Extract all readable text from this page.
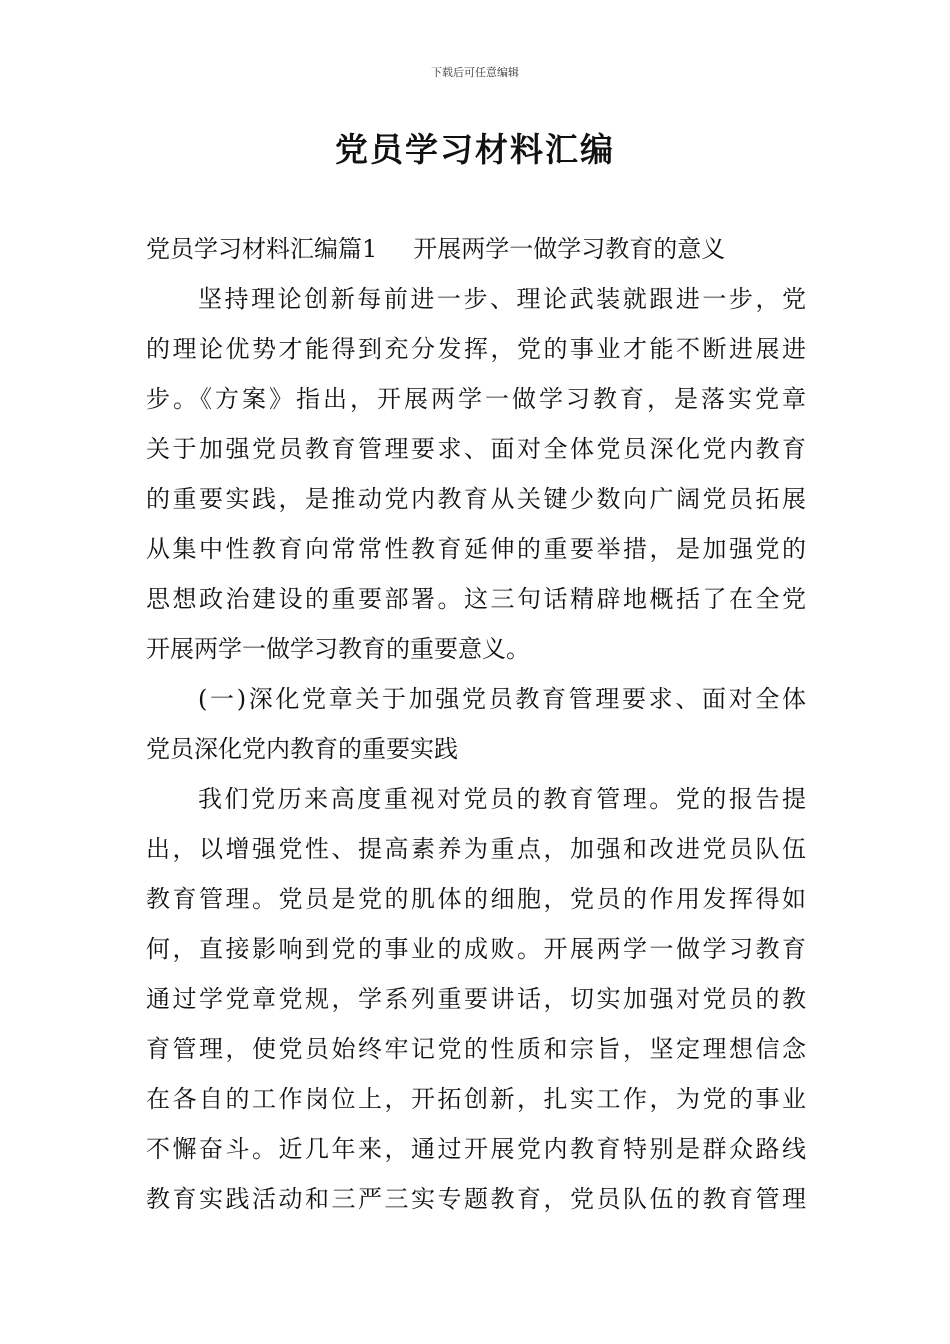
下载后可任意编辑
党员学习材料汇编
党员学习材料汇编篇1 开展两学一做学习教育的意义
坚持理论创新每前进一步、理论武装就跟进一步，党
的理论优势才能得到充分发挥，党的事业才能不断进展进
步。《方案》指出，开展两学一做学习教育，是落实党章
关于加强党员教育管理要求、面对全体党员深化党内教育
的重要实践，是推动党内教育从关键少数向广阔党员拓展
从集中性教育向常常性教育延伸的重要举措，是加强党的
思想政治建设的重要部署。这三句话精辟地概括了在全党
开展两学一做学习教育的重要意义。
(一)深化党章关于加强党员教育管理要求、面对全体
党员深化党内教育的重要实践
我们党历来高度重视对党员的教育管理。党的报告提
出，以增强党性、提高素养为重点，加强和改进党员队伍
教育管理。党员是党的肌体的细胞，党员的作用发挥得如
何，直接影响到党的事业的成败。开展两学一做学习教育
通过学党章党规，学系列重要讲话，切实加强对党员的教
育管理，使党员始终牢记党的性质和宗旨，坚定理想信念
在各自的工作岗位上，开拓创新，扎实工作，为党的事业
不懈奋斗。近几年来，通过开展党内教育特别是群众路线
教育实践活动和三严三实专题教育，党员队伍的教育管理
